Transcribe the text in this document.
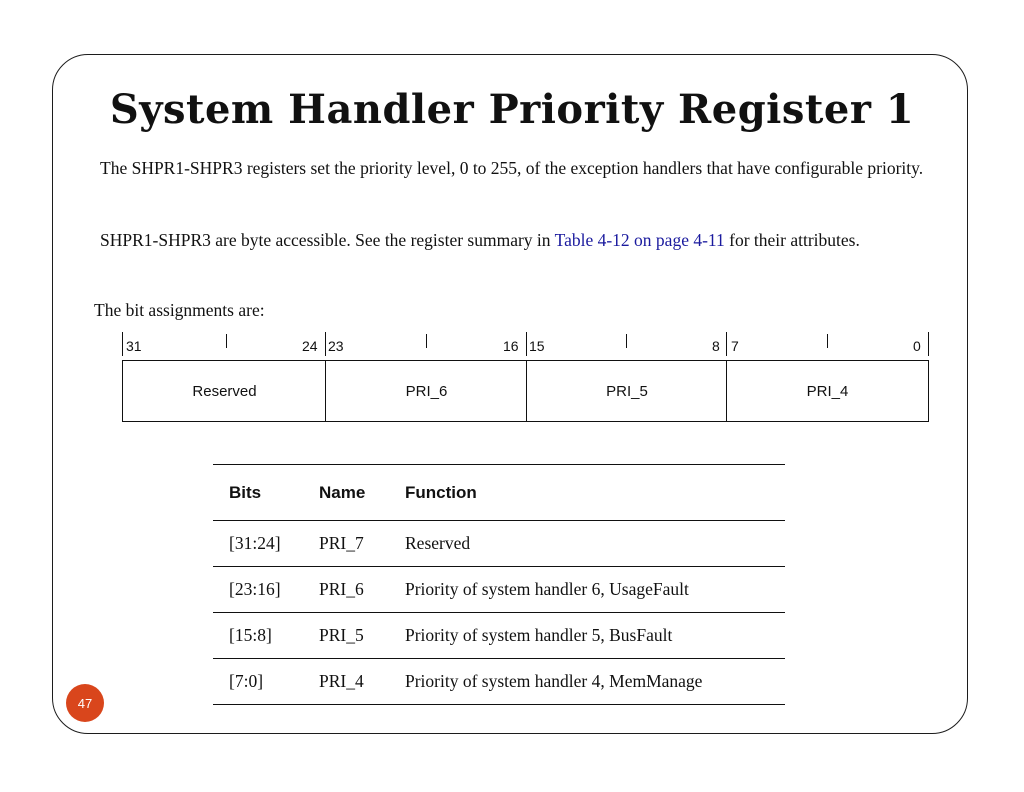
System Handler Priority Register 1

The SHPR1-SHPR3 registers set the priority level, 0 to 255, of the exception handlers that have configurable priority.

SHPR1-SHPR3 are byte accessible. See the register summary in Table 4-12 on page 4-11 for their attributes.

The bit assignments are:

31	24 23	16 15	8 7	0
Reserved	PRI_6	PRI_5	PRI_4
Bits	Name	Function
[31:24]	PRI_7	Reserved
[23:16]	PRI_6	Priority of system handler 6, UsageFault
[15:8]	PRI_5	Priority of system handler 5, BusFault
[7:0]	PRI_4	Priority of system handler 4, MemManage
47
